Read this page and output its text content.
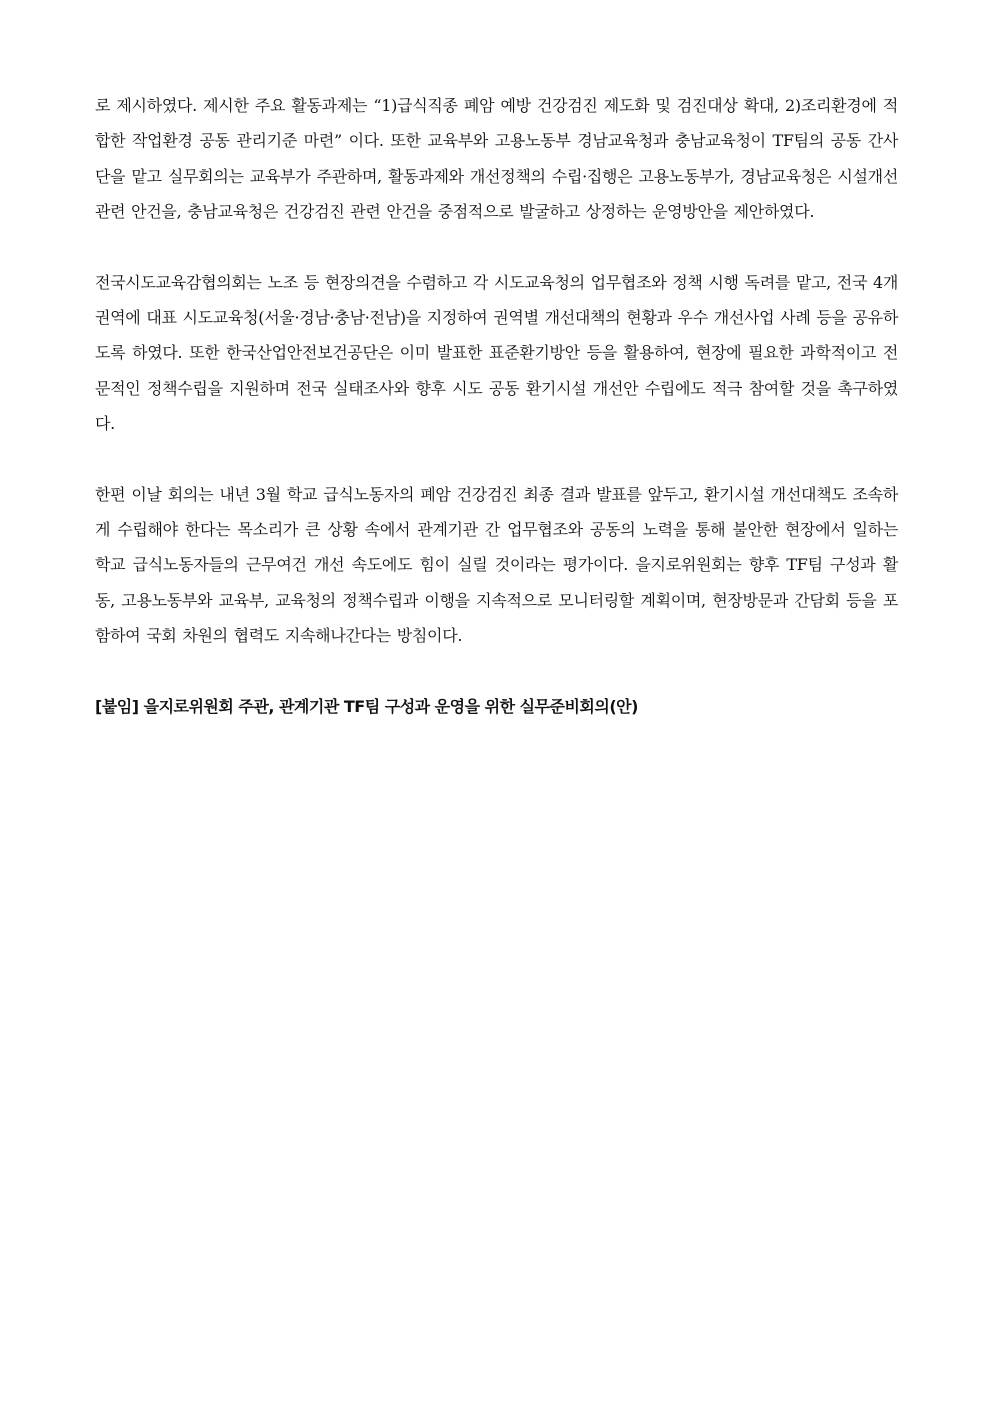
로 제시하였다. 제시한 주요 활동과제는 “1)급식직종 폐암 예방 건강검진 제도화 및 검진대상 확대, 2)조리환경에 적합한 작업환경 공동 관리기준 마련” 이다. 또한 교육부와 고용노동부 경남교육청과 충남교육청이 TF팀의 공동 간사단을 맡고 실무회의는 교육부가 주관하며, 활동과제와 개선정책의 수립·집행은 고용노동부가, 경남교육청은 시설개선 관련 안건을, 충남교육청은 건강검진 관련 안건을 중점적으로 발굴하고 상정하는 운영방안을 제안하였다.

전국시도교육감협의회는 노조 등 현장의견을 수렴하고 각 시도교육청의 업무협조와 정책 시행 독려를 맡고, 전국 4개 권역에 대표 시도교육청(서울·경남·충남·전남)을 지정하여 권역별 개선대책의 현황과 우수 개선사업 사례 등을 공유하도록 하였다. 또한 한국산업안전보건공단은 이미 발표한 표준환기방안 등을 활용하여, 현장에 필요한 과학적이고 전문적인 정책수립을 지원하며 전국 실태조사와 향후 시도 공동 환기시설 개선안 수립에도 적극 참여할 것을 촉구하였다.

한편 이날 회의는 내년 3월 학교 급식노동자의 폐암 건강검진 최종 결과 발표를 앞두고, 환기시설 개선대책도 조속하게 수립해야 한다는 목소리가 큰 상황 속에서 관계기관 간 업무협조와 공동의 노력을 통해 불안한 현장에서 일하는 학교 급식노동자들의 근무여건 개선 속도에도 힘이 실릴 것이라는 평가이다. 을지로위원회는 향후 TF팀 구성과 활동, 고용노동부와 교육부, 교육청의 정책수립과 이행을 지속적으로 모니터링할 계획이며, 현장방문과 간담회 등을 포함하여 국회 차원의 협력도 지속해나간다는 방침이다.

[붙임] 을지로위원회 주관, 관계기관 TF팀 구성과 운영을 위한 실무준비회의(안)
